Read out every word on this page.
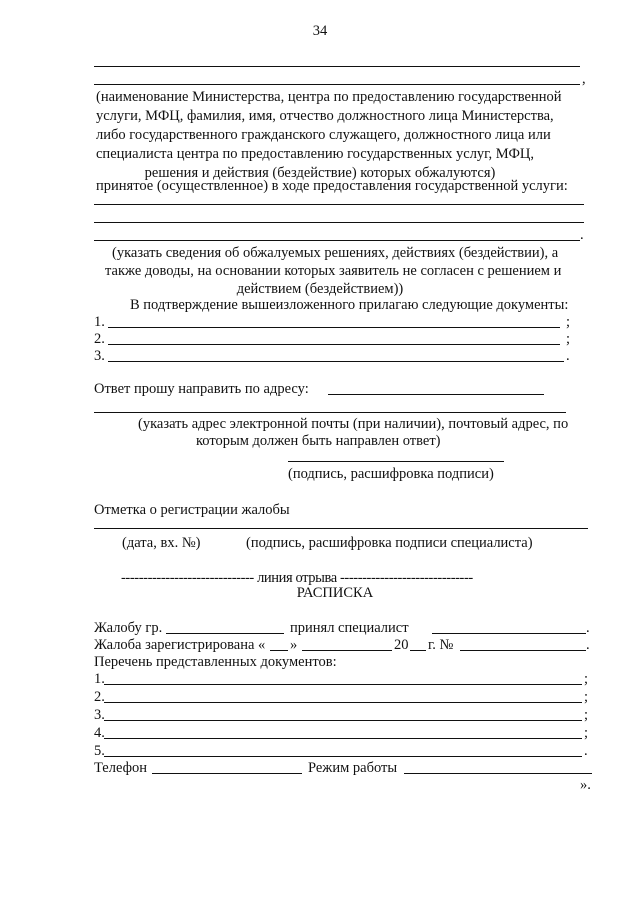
34
,
(наименование Министерства, центра по предоставлению государственной
услуги, МФЦ, фамилия, имя, отчество должностного лица Министерства,
либо государственного гражданского служащего, должностного лица или
специалиста центра по предоставлению государственных услуг, МФЦ,
решения и действия (бездействие) которых обжалуются)
принятое (осуществленное) в ходе предоставления государственной услуги:
.
(указать сведения об обжалуемых решениях, действиях (бездействии), а
также доводы, на основании которых заявитель не согласен с решением и
действием (бездействием))
В подтверждение вышеизложенного прилагаю следующие документы:
1.	;
2.	;
3.	.
Ответ прошу направить по адресу:
(указать адрес электронной почты (при наличии), почтовый адрес, по
которым должен быть направлен ответ)
(подпись, расшифровка подписи)
Отметка о регистрации жалобы
(дата, вх. №)	(подпись, расшифровка подписи специалиста)
------------------------------ линия отрыва ------------------------------
РАСПИСКА
Жалобу гр.	принял специалист	.
Жалоба зарегистрирована « »	20 г. №	.
Перечень представленных документов:
1.	;
2.	;
3.	;
4.	;
5.	.
Телефон	Режим работы
».
